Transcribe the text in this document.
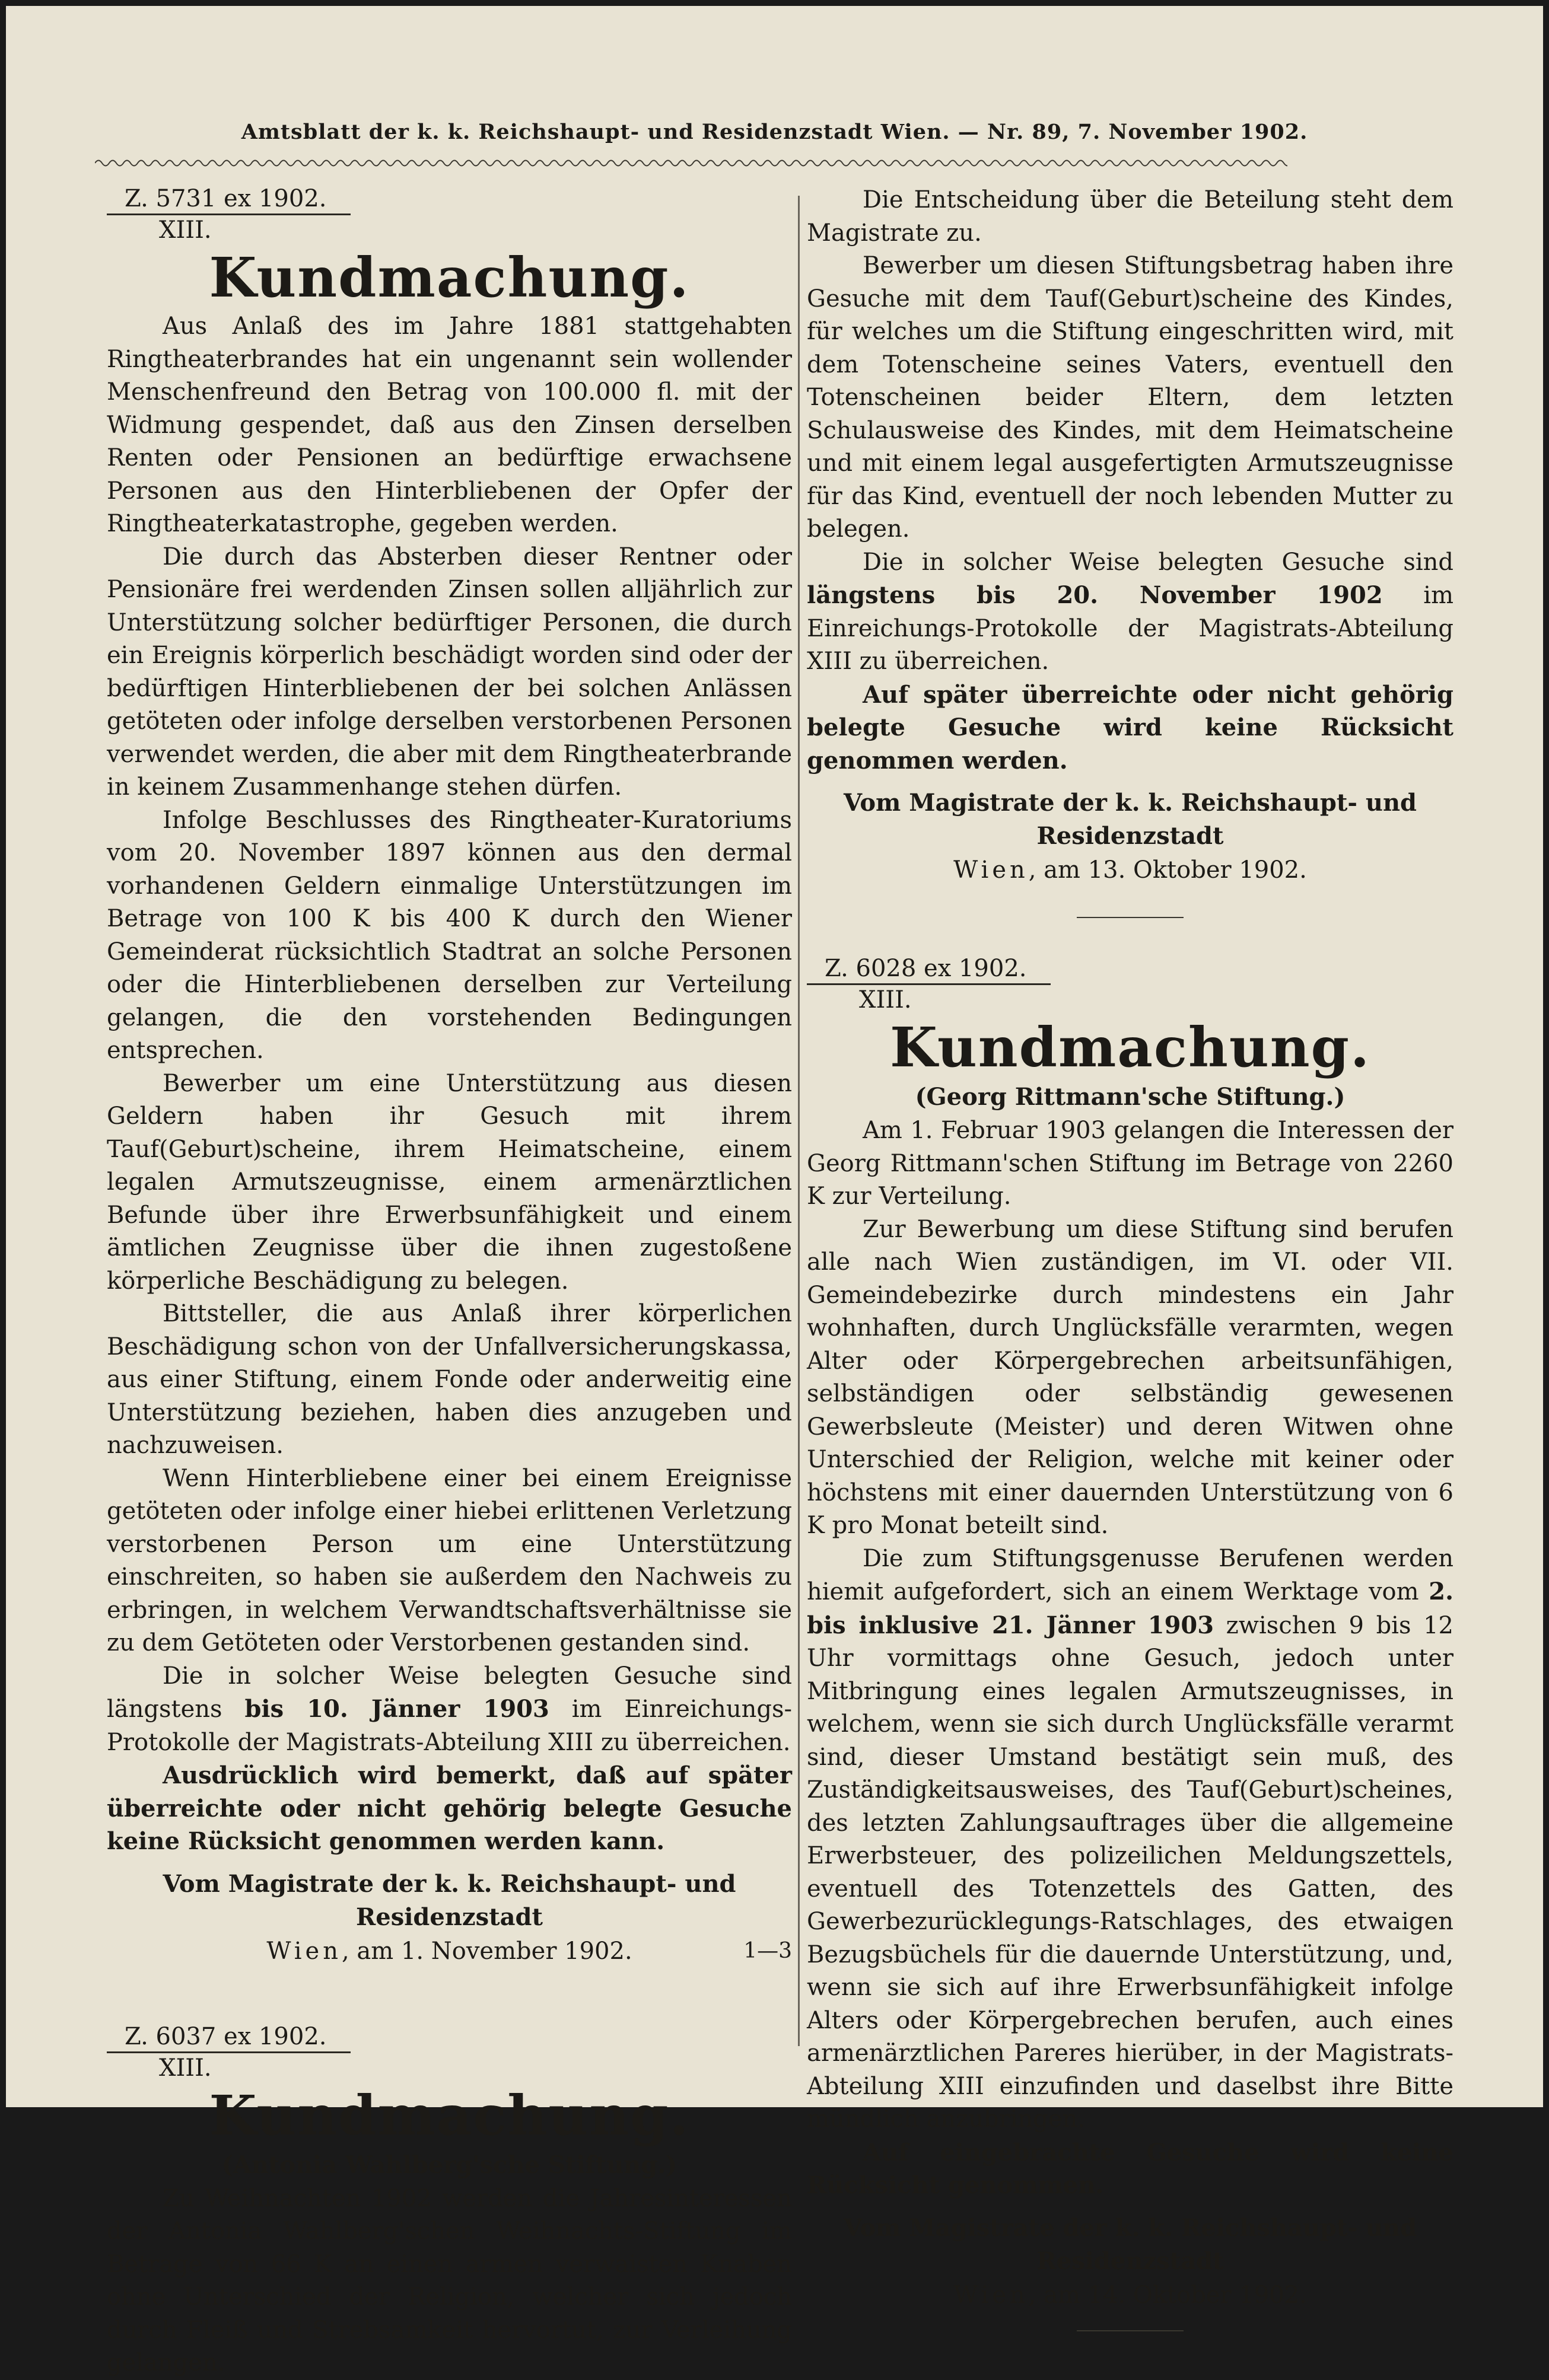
Amtsblatt der k. k. Reichshaupt- und Residenzstadt Wien. — Nr. 89, 7. November 1902.
Z. 5731 ex 1902.
XIII.
Kundmachung.

Aus Anlaß des im Jahre 1881 stattgehabten Ringtheaterbrandes hat ein ungenannt sein wollender Menschenfreund den Betrag von 100.000 fl. mit der Widmung gespendet, daß aus den Zinsen derselben Renten oder Pensionen an bedürftige erwachsene Personen aus den Hinterbliebenen der Opfer der Ringtheaterkatastrophe, gegeben werden.

Die durch das Absterben dieser Rentner oder Pensionäre frei werdenden Zinsen sollen alljährlich zur Unterstützung solcher bedürftiger Personen, die durch ein Ereignis körperlich beschädigt worden sind oder der bedürftigen Hinterbliebenen der bei solchen Anlässen getöteten oder infolge derselben verstorbenen Personen verwendet werden, die aber mit dem Ringtheaterbrande in keinem Zusammenhange stehen dürfen.

Infolge Beschlusses des Ringtheater-Kuratoriums vom 20. November 1897 können aus den dermal vorhandenen Geldern einmalige Unterstützungen im Betrage von 100 K bis 400 K durch den Wiener Gemeinderat rücksichtlich Stadtrat an solche Personen oder die Hinterbliebenen derselben zur Verteilung gelangen, die den vorstehenden Bedingungen entsprechen.

Bewerber um eine Unterstützung aus diesen Geldern haben ihr Gesuch mit ihrem Tauf(Geburt)scheine, ihrem Heimatscheine, einem legalen Armutszeugnisse, einem armenärztlichen Befunde über ihre Erwerbsunfähigkeit und einem ämtlichen Zeugnisse über die ihnen zugestoßene körperliche Beschädigung zu belegen.

Bittsteller, die aus Anlaß ihrer körperlichen Beschädigung schon von der Unfallversicherungskassa, aus einer Stiftung, einem Fonde oder anderweitig eine Unterstützung beziehen, haben dies anzugeben und nachzuweisen.

Wenn Hinterbliebene einer bei einem Ereignisse getöteten oder infolge einer hiebei erlittenen Verletzung verstorbenen Person um eine Unterstützung einschreiten, so haben sie außerdem den Nachweis zu erbringen, in welchem Verwandtschaftsverhältnisse sie zu dem Getöteten oder Verstorbenen gestanden sind.

Die in solcher Weise belegten Gesuche sind längstens bis 10. Jänner 1903 im Einreichungs-Protokolle der Magistrats-Abteilung XIII zu überreichen.

Ausdrücklich wird bemerkt, daß auf später überreichte oder nicht gehörig belegte Gesuche keine Rücksicht genommen werden kann.

Vom Magistrate der k. k. Reichshaupt- und Residenzstadt
Wien, am 1. November 1902.	1—3
Z. 6037 ex 1902.
XIII.
Kundmachung.
(Antonia Wahlberg'sche Stiftung.)

Zu Weihnachten 1902 werden die Jahresinteressen der Antonia Wahlberg'schen Weihnachts-Stiftung im Betrage von 66 K an einen armen verwaisten Knaben ohne Unterschied der Religion, welcher sich jedoch durch Fleiß und Strebsamkeit hervortut, zur Verleihung gelangen.

Die Entscheidung über die Beteilung steht dem Magistrate zu.

Bewerber um diesen Stiftungsbetrag haben ihre Gesuche mit dem Tauf(Geburt)scheine des Kindes, für welches um die Stiftung eingeschritten wird, mit dem Totenscheine seines Vaters, eventuell den Totenscheinen beider Eltern, dem letzten Schulausweise des Kindes, mit dem Heimatscheine und mit einem legal ausgefertigten Armutszeugnisse für das Kind, eventuell der noch lebenden Mutter zu belegen.

Die in solcher Weise belegten Gesuche sind längstens bis 20. November 1902 im Einreichungs-Protokolle der Magistrats-Abteilung XIII zu überreichen.

Auf später überreichte oder nicht gehörig belegte Gesuche wird keine Rücksicht genommen werden.

Vom Magistrate der k. k. Reichshaupt- und Residenzstadt
Wien, am 13. Oktober 1902.
Z. 6028 ex 1902.
XIII.
Kundmachung.
(Georg Rittmann'sche Stiftung.)

Am 1. Februar 1903 gelangen die Interessen der Georg Rittmann'schen Stiftung im Betrage von 2260 K zur Verteilung.

Zur Bewerbung um diese Stiftung sind berufen alle nach Wien zuständigen, im VI. oder VII. Gemeindebezirke durch mindestens ein Jahr wohnhaften, durch Unglücksfälle verarmten, wegen Alter oder Körpergebrechen arbeitsunfähigen, selbständigen oder selbständig gewesenen Gewerbsleute (Meister) und deren Witwen ohne Unterschied der Religion, welche mit keiner oder höchstens mit einer dauernden Unterstützung von 6 K pro Monat beteilt sind.

Die zum Stiftungsgenusse Berufenen werden hiemit aufgefordert, sich an einem Werktage vom 2. bis inklusive 21. Jänner 1903 zwischen 9 bis 12 Uhr vormittags ohne Gesuch, jedoch unter Mitbringung eines legalen Armutszeugnisses, in welchem, wenn sie sich durch Unglücksfälle verarmt sind, dieser Umstand bestätigt sein muß, des Zuständigkeitsausweises, des Tauf(Geburt)scheines, des letzten Zahlungsauftrages über die allgemeine Erwerbsteuer, des polizeilichen Meldungszettels, eventuell des Totenzettels des Gatten, des Gewerbezurücklegungs-Ratschlages, des etwaigen Bezugsbüchels für die dauernde Unterstützung, und, wenn sie sich auf ihre Erwerbsunfähigkeit infolge Alters oder Körpergebrechen berufen, auch eines armenärztlichen Pareres hierüber, in der Magistrats-Abteilung XIII einzufinden und daselbst ihre Bitte mündlich anzubringen.

Auf eingebrachte Gesuche wird keine Rücksicht genommen.

Vom Magistrate der k. k. Reichshaupt- und Residenzstadt
Wien, am 14. Oktober 1902.
